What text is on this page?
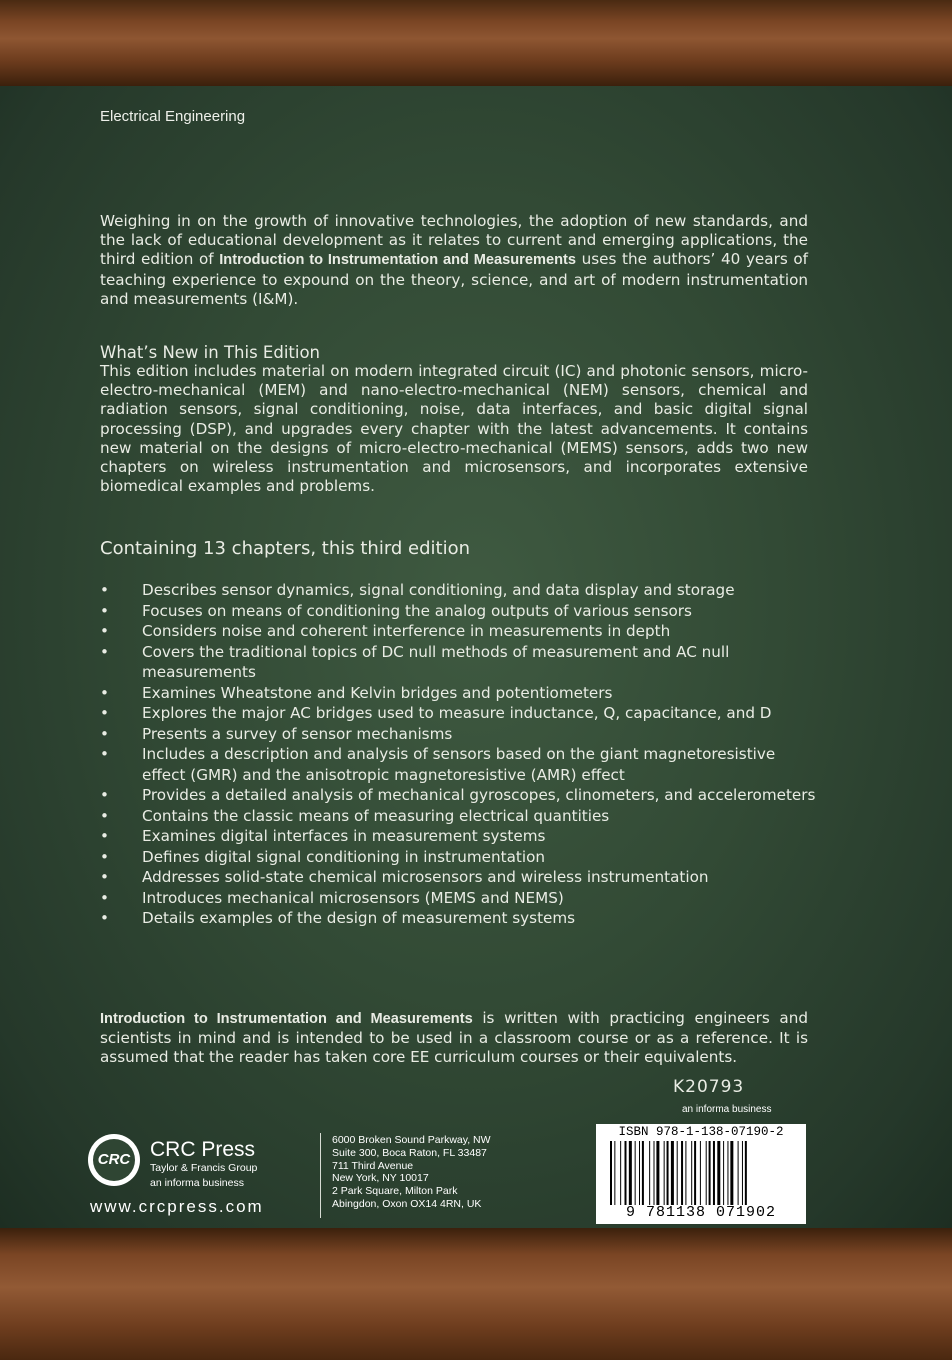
Electrical Engineering
Weighing in on the growth of innovative technologies, the adoption of new standards, and the lack of educational development as it relates to current and emerging applications, the third edition of Introduction to Instrumentation and Measurements uses the authors’ 40 years of teaching experience to expound on the theory, science, and art of modern instrumentation and measurements (I&M).
What’s New in This Edition
This edition includes material on modern integrated circuit (IC) and photonic sensors, micro-electro-mechanical (MEM) and nano-electro-mechanical (NEM) sensors, chemical and radiation sensors, signal conditioning, noise, data interfaces, and basic digital signal processing (DSP), and upgrades every chapter with the latest advancements. It contains new material on the designs of micro-electro-mechanical (MEMS) sensors, adds two new chapters on wireless instrumentation and microsensors, and incorporates extensive biomedical examples and problems.
Containing 13 chapters, this third edition
•	Describes sensor dynamics, signal conditioning, and data display and storage
•	Focuses on means of conditioning the analog outputs of various sensors
•	Considers noise and coherent interference in measurements in depth
•	Covers the traditional topics of DC null methods of measurement and AC null measurements
•	Examines Wheatstone and Kelvin bridges and potentiometers
•	Explores the major AC bridges used to measure inductance, Q, capacitance, and D
•	Presents a survey of sensor mechanisms
•	Includes a description and analysis of sensors based on the giant magnetoresistive effect (GMR) and the anisotropic magnetoresistive (AMR) effect
•	Provides a detailed analysis of mechanical gyroscopes, clinometers, and accelerometers
•	Contains the classic means of measuring electrical quantities
•	Examines digital interfaces in measurement systems
•	Defines digital signal conditioning in instrumentation
•	Addresses solid-state chemical microsensors and wireless instrumentation
•	Introduces mechanical microsensors (MEMS and NEMS)
•	Details examples of the design of measurement systems
Introduction to Instrumentation and Measurements is written with practicing engineers and scientists in mind and is intended to be used in a classroom course or as a reference. It is assumed that the reader has taken core EE curriculum courses or their equivalents.
K20793
an informa business
CRC CRC Press
Taylor & Francis Group
an informa business
www.crcpress.com
6000 Broken Sound Parkway, NW
Suite 300, Boca Raton, FL 33487
711 Third Avenue
New York, NY 10017
2 Park Square, Milton Park
Abingdon, Oxon OX14 4RN, UK
ISBN 978-1-138-07190-2
9 781138 071902
